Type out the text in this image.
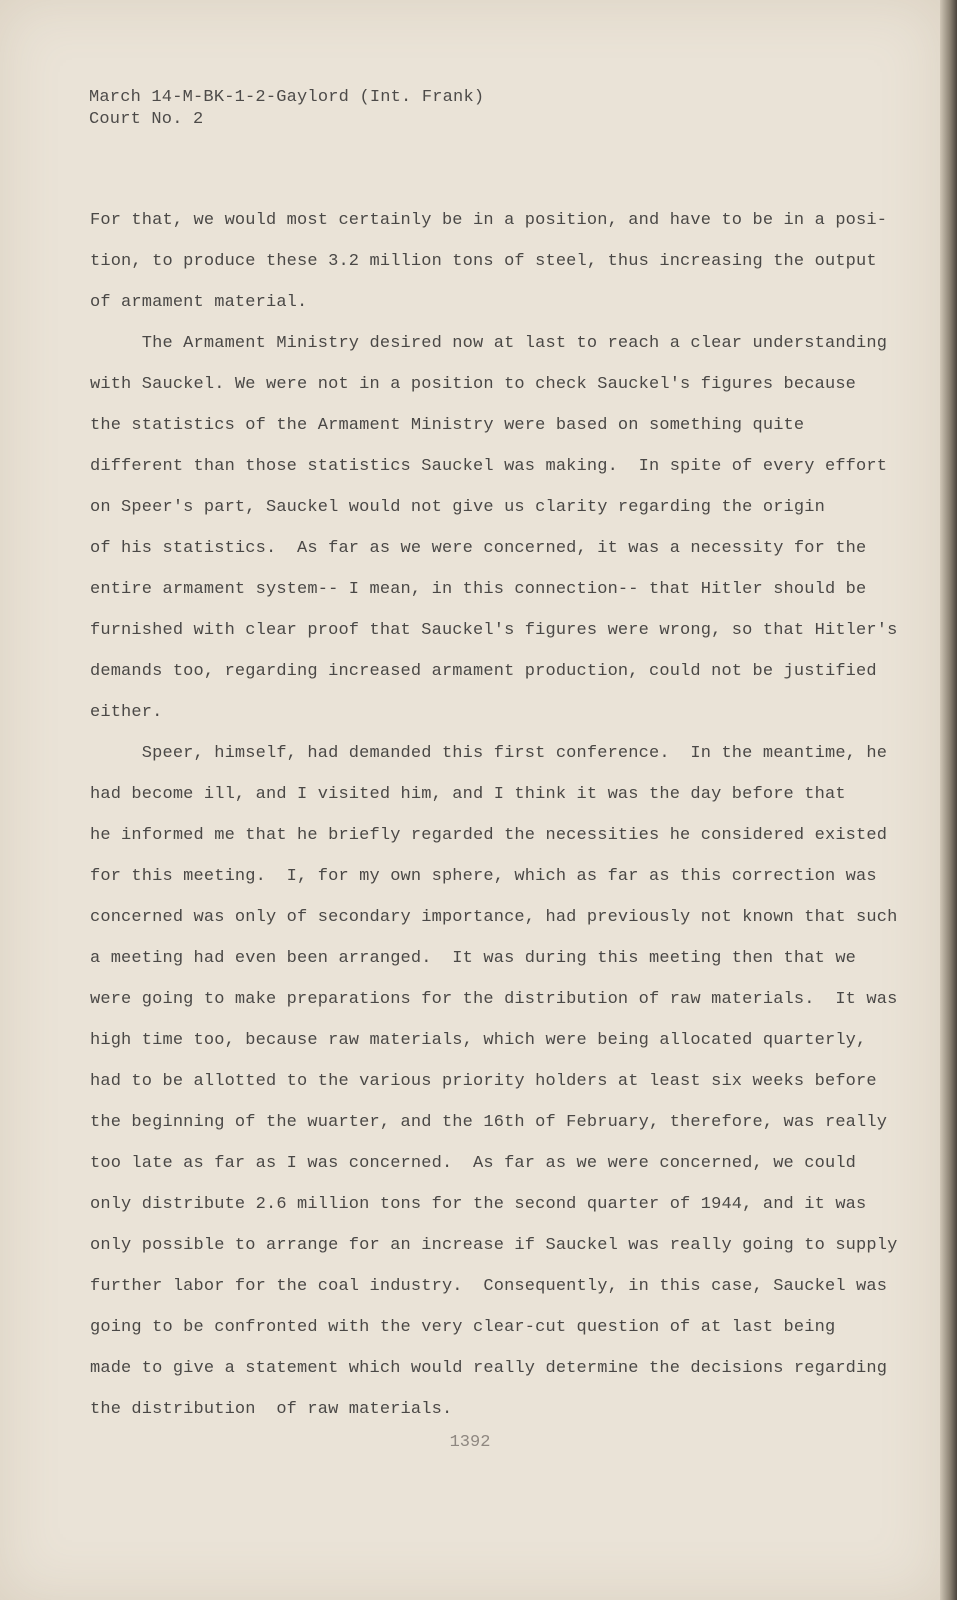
March 14-M-BK-1-2-Gaylord (Int. Frank)
Court No. 2
For that, we would most certainly be in a position, and have to be in a posi-
tion, to produce these 3.2 million tons of steel, thus increasing the output
of armament material.
The Armament Ministry desired now at last to reach a clear understanding
with Sauckel. We were not in a position to check Sauckel's figures because
the statistics of the Armament Ministry were based on something quite
different than those statistics Sauckel was making.  In spite of every effort
on Speer's part, Sauckel would not give us clarity regarding the origin
of his statistics.  As far as we were concerned, it was a necessity for the
entire armament system-- I mean, in this connection-- that Hitler should be
furnished with clear proof that Sauckel's figures were wrong, so that Hitler's
demands too, regarding increased armament production, could not be justified
either.
Speer, himself, had demanded this first conference.  In the meantime, he
had become ill, and I visited him, and I think it was the day before that
he informed me that he briefly regarded the necessities he considered existed
for this meeting.  I, for my own sphere, which as far as this correction was
concerned was only of secondary importance, had previously not known that such
a meeting had even been arranged.  It was during this meeting then that we
were going to make preparations for the distribution of raw materials.  It was
high time too, because raw materials, which were being allocated quarterly,
had to be allotted to the various priority holders at least six weeks before
the beginning of the wuarter, and the 16th of February, therefore, was really
too late as far as I was concerned.  As far as we were concerned, we could
only distribute 2.6 million tons for the second quarter of 1944, and it was
only possible to arrange for an increase if Sauckel was really going to supply
further labor for the coal industry.  Consequently, in this case, Sauckel was
going to be confronted with the very clear-cut question of at last being
made to give a statement which would really determine the decisions regarding
the distribution  of raw materials.
1392
